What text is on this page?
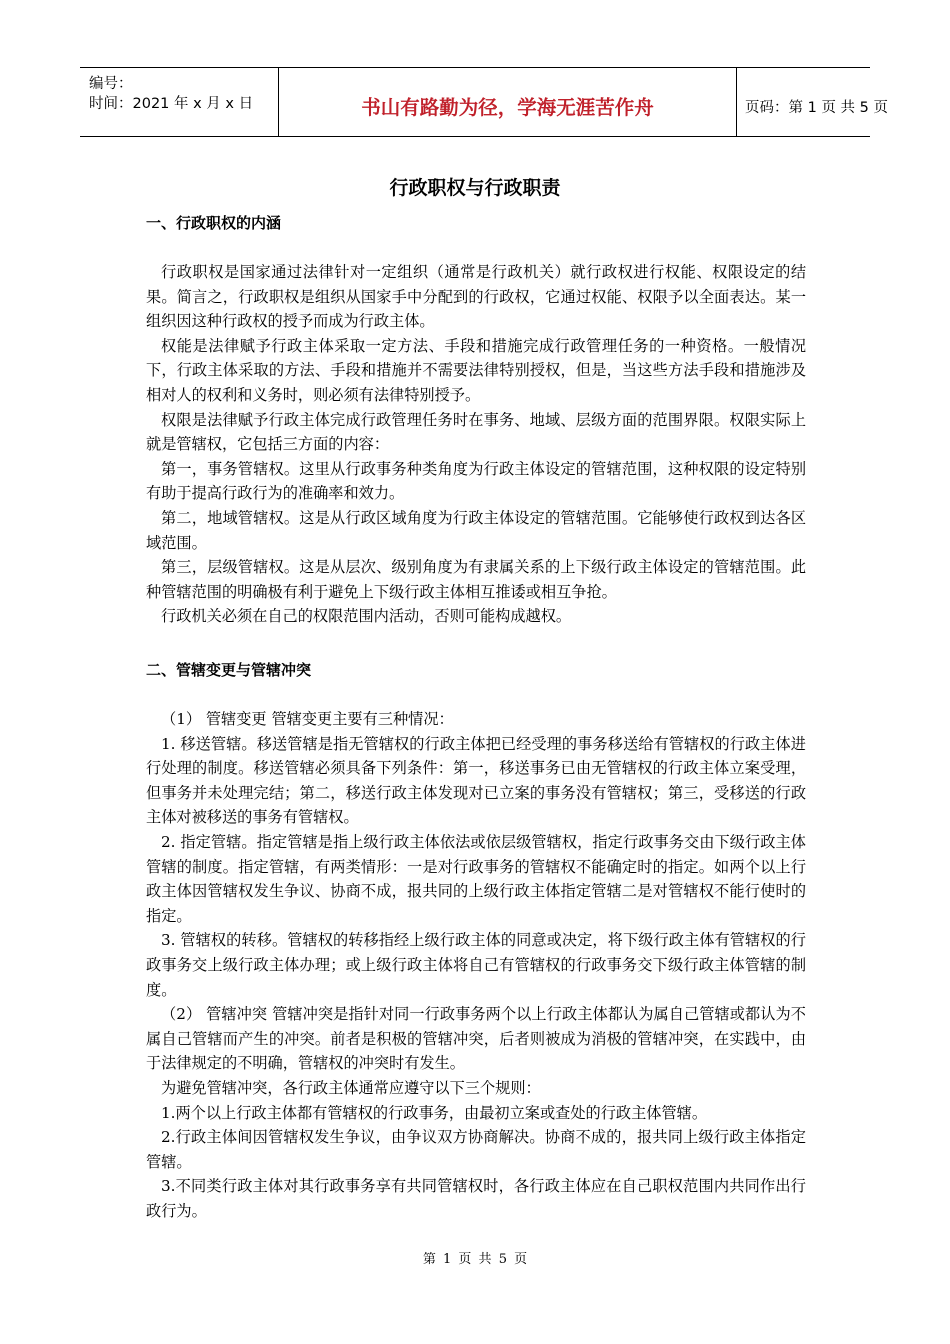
编号：
时间：2021 年 x 月 x 日	书山有路勤为径，学海无涯苦作舟	页码：第 1 页 共 5 页
行政职权与行政职责
一、行政职权的内涵

行政职权是国家通过法律针对一定组织（通常是行政机关）就行政权进行权能、权限设定的结果。简言之，行政职权是组织从国家手中分配到的行政权，它通过权能、权限予以全面表达。某一组织因这种行政权的授予而成为行政主体。

权能是法律赋予行政主体采取一定方法、手段和措施完成行政管理任务的一种资格。一般情况下，行政主体采取的方法、手段和措施并不需要法律特别授权，但是，当这些方法手段和措施涉及相对人的权利和义务时，则必须有法律特别授予。

权限是法律赋予行政主体完成行政管理任务时在事务、地域、层级方面的范围界限。权限实际上就是管辖权，它包括三方面的内容：

第一，事务管辖权。这里从行政事务种类角度为行政主体设定的管辖范围，这种权限的设定特别有助于提高行政行为的准确率和效力。

第二，地域管辖权。这是从行政区域角度为行政主体设定的管辖范围。它能够使行政权到达各区域范围。

第三，层级管辖权。这是从层次、级别角度为有隶属关系的上下级行政主体设定的管辖范围。此种管辖范围的明确极有利于避免上下级行政主体相互推诿或相互争抢。

行政机关必须在自己的权限范围内活动，否则可能构成越权。

二、管辖变更与管辖冲突

（1） 管辖变更 管辖变更主要有三种情况：

1. 移送管辖。移送管辖是指无管辖权的行政主体把已经受理的事务移送给有管辖权的行政主体进行处理的制度。移送管辖必须具备下列条件：第一，移送事务已由无管辖权的行政主体立案受理，但事务并未处理完结；第二，移送行政主体发现对已立案的事务没有管辖权；第三，受移送的行政主体对被移送的事务有管辖权。

2. 指定管辖。指定管辖是指上级行政主体依法或依层级管辖权，指定行政事务交由下级行政主体管辖的制度。指定管辖，有两类情形：一是对行政事务的管辖权不能确定时的指定。如两个以上行政主体因管辖权发生争议、协商不成，报共同的上级行政主体指定管辖二是对管辖权不能行使时的指定。

3. 管辖权的转移。管辖权的转移指经上级行政主体的同意或决定，将下级行政主体有管辖权的行政事务交上级行政主体办理；或上级行政主体将自己有管辖权的行政事务交下级行政主体管辖的制度。

（2） 管辖冲突 管辖冲突是指针对同一行政事务两个以上行政主体都认为属自己管辖或都认为不属自己管辖而产生的冲突。前者是积极的管辖冲突，后者则被成为消极的管辖冲突，在实践中，由于法律规定的不明确，管辖权的冲突时有发生。

为避免管辖冲突，各行政主体通常应遵守以下三个规则：

1.两个以上行政主体都有管辖权的行政事务，由最初立案或查处的行政主体管辖。

2.行政主体间因管辖权发生争议，由争议双方协商解决。协商不成的，报共同上级行政主体指定管辖。

3.不同类行政主体对其行政事务享有共同管辖权时，各行政主体应在自己职权范围内共同作出行政行为。

第 1 页 共 5 页
